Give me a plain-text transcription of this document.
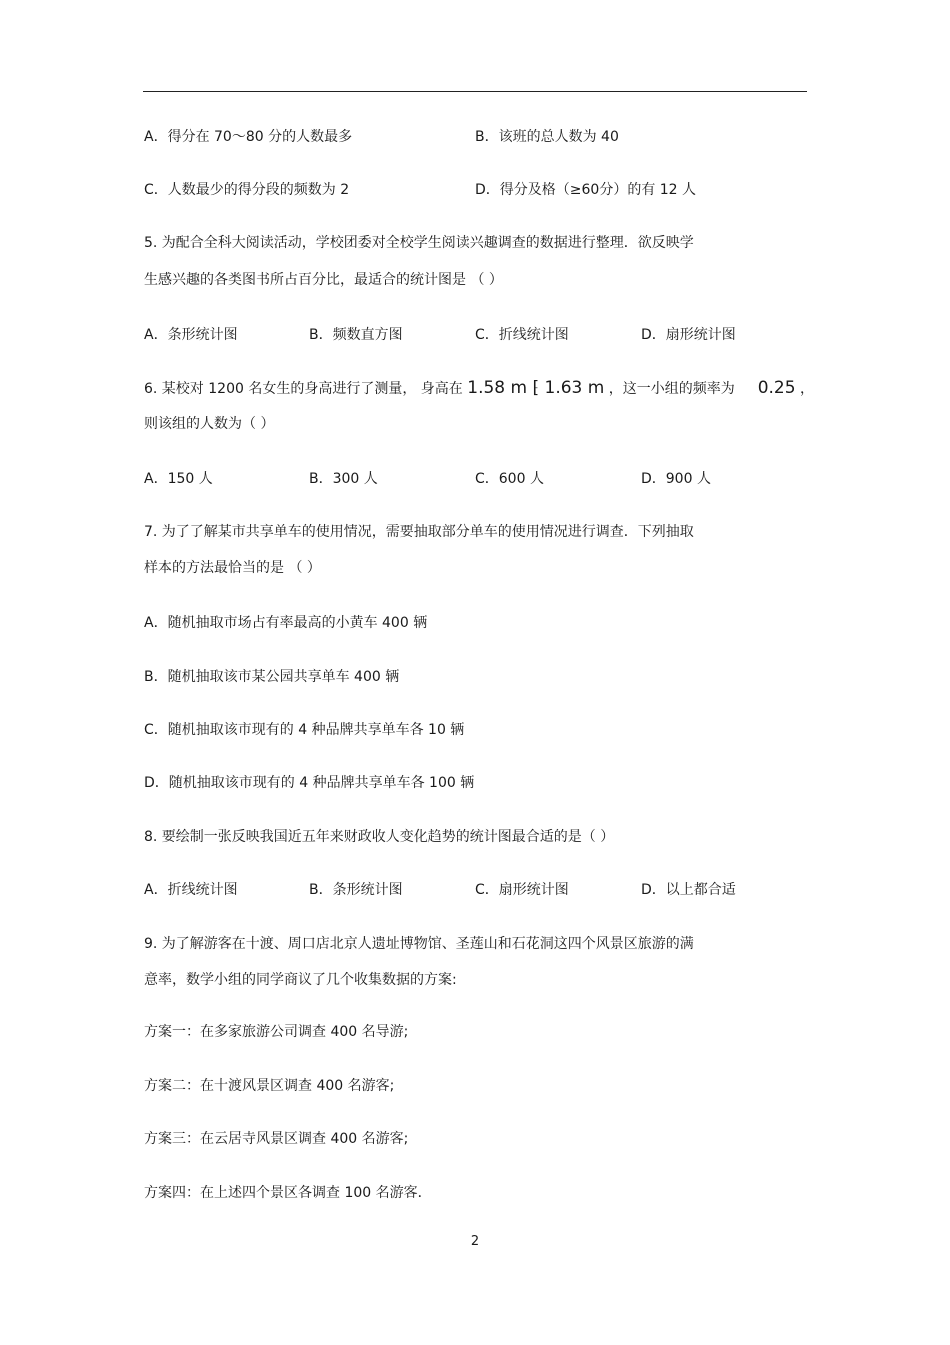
A．得分在 70～80 分的人数最多	B．该班的总人数为 40
C．人数最少的得分段的频数为 2	D．得分及格（≥60分）的有 12 人
5. 为配合全科大阅读活动，学校团委对全校学生阅读兴趣调查的数据进行整理．欲反映学
生感兴趣的各类图书所占百分比，最适合的统计图是 （ ）
A．条形统计图	B．频数直方图	C．折线统计图	D．扇形统计图
6. 某校对 1200 名女生的身高进行了测量， 身高在 1.58 m ⁅ 1.63 m ，这一小组的频率为 0.25 ，
则该组的人数为（ ）
A．150 人	B．300 人	C．600 人	D．900 人
7. 为了了解某市共享单车的使用情况，需要抽取部分单车的使用情况进行调查．下列抽取
样本的方法最恰当的是 （ ）
A．随机抽取市场占有率最高的小黄车 400 辆
B．随机抽取该市某公园共享单车 400 辆
C．随机抽取该市现有的 4 种品牌共享单车各 10 辆
D．随机抽取该市现有的 4 种品牌共享单车各 100 辆
8. 要绘制一张反映我国近五年来财政收人变化趋势的统计图最合适的是（ ）
A．折线统计图	B．条形统计图	C．扇形统计图	D．以上都合适
9. 为了解游客在十渡、周口店北京人遗址博物馆、圣莲山和石花洞这四个风景区旅游的满
意率，数学小组的同学商议了几个收集数据的方案:
方案一：在多家旅游公司调查 400 名导游;
方案二：在十渡风景区调查 400 名游客;
方案三：在云居寺风景区调查 400 名游客;
方案四：在上述四个景区各调查 100 名游客．
2
